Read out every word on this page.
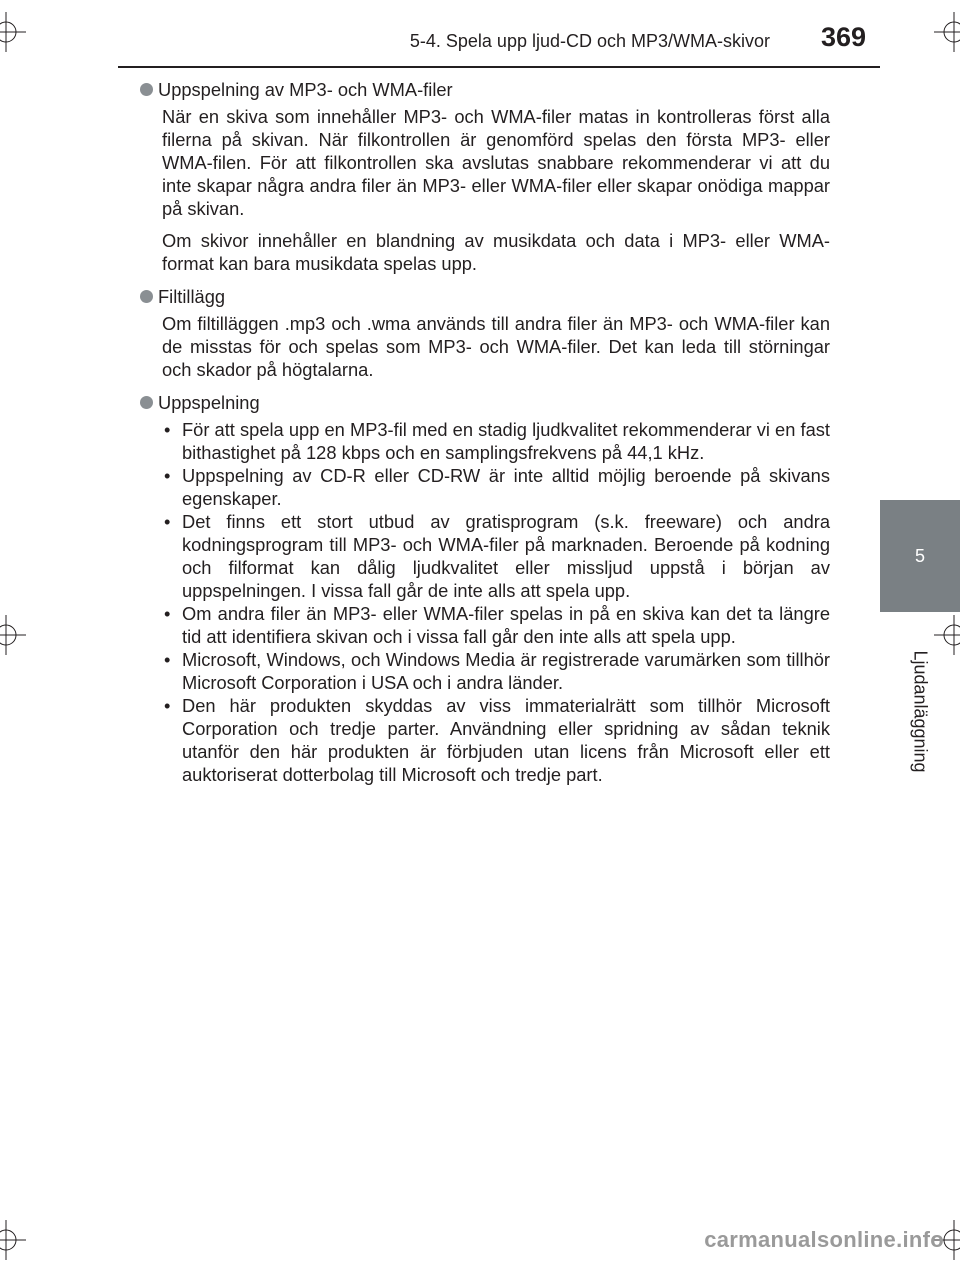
5-4. Spela upp ljud-CD och MP3/WMA-skivor 369
5
Ljudanläggning

Uppspelning av MP3- och WMA-filer

När en skiva som innehåller MP3- och WMA-filer matas in kontrolleras först alla filerna på skivan. När filkontrollen är genomförd spelas den första MP3- eller WMA-filen. För att filkontrollen ska avslutas snabbare rekommenderar vi att du inte skapar några andra filer än MP3- eller WMA-filer eller skapar onödiga mappar på skivan.

Om skivor innehåller en blandning av musikdata och data i MP3- eller WMA-format kan bara musikdata spelas upp.

Filtillägg

Om filtilläggen .mp3 och .wma används till andra filer än MP3- och WMA-filer kan de misstas för och spelas som MP3- och WMA-filer. Det kan leda till störningar och skador på högtalarna.

Uppspelning

• För att spela upp en MP3-fil med en stadig ljudkvalitet rekommenderar vi en fast bithastighet på 128 kbps och en samplingsfrekvens på 44,1 kHz.
• Uppspelning av CD-R eller CD-RW är inte alltid möjlig beroende på skivans egenskaper.
• Det finns ett stort utbud av gratisprogram (s.k. freeware) och andra kodningsprogram till MP3- och WMA-filer på marknaden. Beroende på kodning och filformat kan dålig ljudkvalitet eller missljud uppstå i början av uppspelningen. I vissa fall går de inte alls att spela upp.
• Om andra filer än MP3- eller WMA-filer spelas in på en skiva kan det ta längre tid att identifiera skivan och i vissa fall går den inte alls att spela upp.
• Microsoft, Windows, och Windows Media är registrerade varumärken som tillhör Microsoft Corporation i USA och i andra länder.
• Den här produkten skyddas av viss immaterialrätt som tillhör Microsoft Corporation och tredje parter. Användning eller spridning av sådan teknik utanför den här produkten är förbjuden utan licens från Microsoft eller ett auktoriserat dotterbolag till Microsoft och tredje part.
carmanualsonline.info
